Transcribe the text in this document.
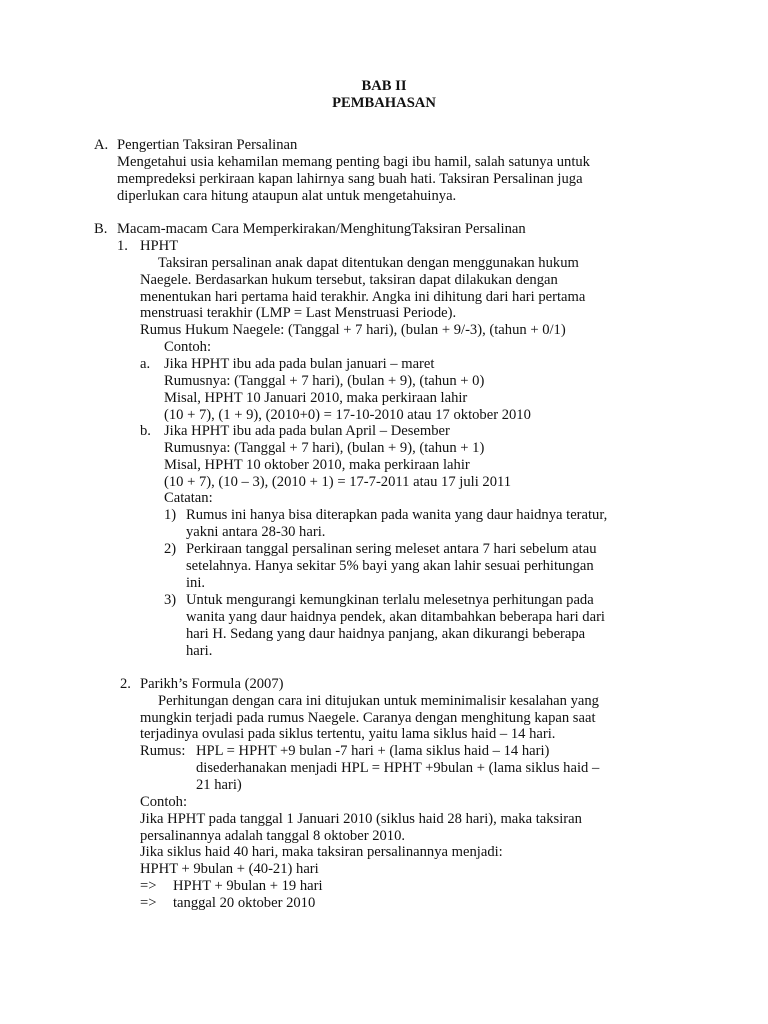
BAB II
PEMBAHASAN
A. Pengertian Taksiran Persalinan
Mengetahui usia kehamilan memang penting bagi ibu hamil, salah satunya untuk
mempredeksi perkiraan kapan lahirnya sang buah hati. Taksiran Persalinan juga
diperlukan cara hitung ataupun alat untuk mengetahuinya.
B. Macam-macam Cara Memperkirakan/MenghitungTaksiran Persalinan
1. HPHT
Taksiran persalinan anak dapat ditentukan dengan menggunakan hukum
Naegele. Berdasarkan hukum tersebut, taksiran dapat dilakukan dengan
menentukan hari pertama haid terakhir. Angka ini dihitung dari hari pertama
menstruasi terakhir (LMP = Last Menstruasi Periode).
Rumus Hukum Naegele: (Tanggal + 7 hari), (bulan + 9/-3), (tahun + 0/1)
Contoh:
a. Jika HPHT ibu ada pada bulan januari – maret
Rumusnya: (Tanggal + 7 hari), (bulan + 9), (tahun + 0)
Misal, HPHT 10 Januari 2010, maka perkiraan lahir
(10 + 7), (1 + 9), (2010+0) = 17-10-2010 atau 17 oktober 2010
b. Jika HPHT ibu ada pada bulan April – Desember
Rumusnya: (Tanggal + 7 hari), (bulan + 9), (tahun + 1)
Misal, HPHT 10 oktober 2010, maka perkiraan lahir
(10 + 7), (10 – 3), (2010 + 1) = 17-7-2011 atau 17 juli 2011
Catatan:
1) Rumus ini hanya bisa diterapkan pada wanita yang daur haidnya teratur,
yakni antara 28-30 hari.
2) Perkiraan tanggal persalinan sering meleset antara 7 hari sebelum atau
setelahnya. Hanya sekitar 5% bayi yang akan lahir sesuai perhitungan
ini.
3) Untuk mengurangi kemungkinan terlalu melesetnya perhitungan pada
wanita yang daur haidnya pendek, akan ditambahkan beberapa hari dari
hari H. Sedang yang daur haidnya panjang, akan dikurangi beberapa
hari.
2. Parikh’s Formula (2007)
Perhitungan dengan cara ini ditujukan untuk meminimalisir kesalahan yang
mungkin terjadi pada rumus Naegele. Caranya dengan menghitung kapan saat
terjadinya ovulasi pada siklus tertentu, yaitu lama siklus haid – 14 hari.
Rumus: HPL = HPHT +9 bulan -7 hari + (lama siklus haid – 14 hari)
disederhanakan menjadi HPL = HPHT +9bulan + (lama siklus haid –
21 hari)
Contoh:
Jika HPHT pada tanggal 1 Januari 2010 (siklus haid 28 hari), maka taksiran
persalinannya adalah tanggal 8 oktober 2010.
Jika siklus haid 40 hari, maka taksiran persalinannya menjadi:
HPHT + 9bulan + (40-21) hari
=> HPHT + 9bulan + 19 hari
=> tanggal 20 oktober 2010
